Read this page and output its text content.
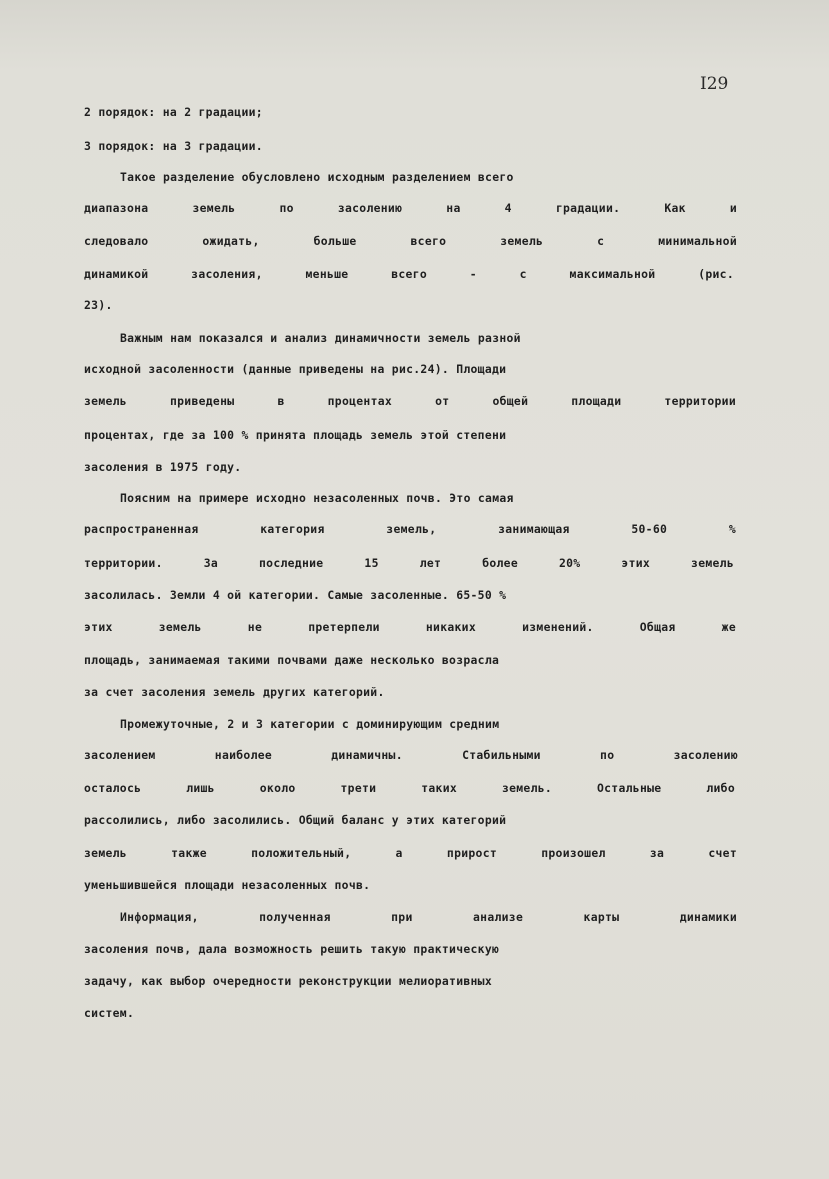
I29
2 порядок: на 2 градации;
3 порядок: на 3 градации.
Такое разделение обусловлено исходным разделением всего
диапазона земель по засолению на 4 градации. Как и
следовало ожидать, больше всего земель с минимальной
динамикой засоления, меньше всего - с максимальной (рис.
23).
Важным нам показался и анализ динамичности земель разной
исходной засоленности (данные приведены на рис.24). Площади
земель приведены в процентах от общей площади территории
процентах, где за 100 % принята площадь земель этой степени
засоления в 1975 году.
Поясним на примере исходно незасоленных почв. Это самая
распространенная категория земель, занимающая 50-60 %
территории. За последние 15 лет более 20% этих земель
засолилась. Земли 4 ой категории. Самые засоленные. 65-50 %
этих земель не претерпели никаких изменений. Общая же
площадь, занимаемая такими почвами даже несколько возрасла
за счет засоления земель других категорий.
Промежуточные, 2 и 3 категории с доминирующим средним
засолением наиболее динамичны. Стабильными по засолению
осталось лишь около трети таких земель. Остальные либо
рассолились, либо засолились. Общий баланс у этих категорий
земель также положительный, а прирост произошел за счет
уменьшившейся площади незасоленных почв.
Информация, полученная при анализе карты динамики
засоления почв, дала возможность решить такую практическую
задачу, как выбор очередности реконструкции мелиоративных
систем.
